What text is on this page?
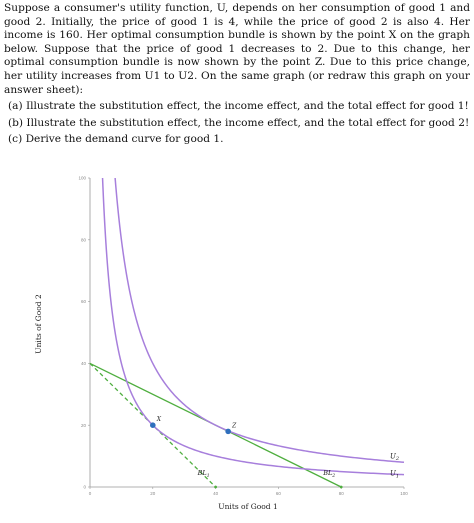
Suppose a consumer's utility function, U, depends on her consumption of good 1 and good 2. Initially, the price of good 1 is 4, while the price of good 2 is also 4. Her income is 160. Her optimal consumption bundle is shown by the point X on the graph below. Suppose that the price of good 1 decreases to 2. Due to this change, her optimal consumption bundle is now shown by the point Z. Due to this price change, her utility increases from U1 to U2. On the same graph (or redraw this graph on your answer sheet):

(a) Illustrate the substitution effect, the income effect, and the total effect for good 1!

(b) Illustrate the substitution effect, the income effect, and the total effect for good 2!

(c) Derive the demand curve for good 1.

0	20	40	60	80	100
0
20
40
60
80
100
X
Z
$BL_1$	$BL_2$
$U_2$
$U_1$
Units of Good 1
Units of Good 2
